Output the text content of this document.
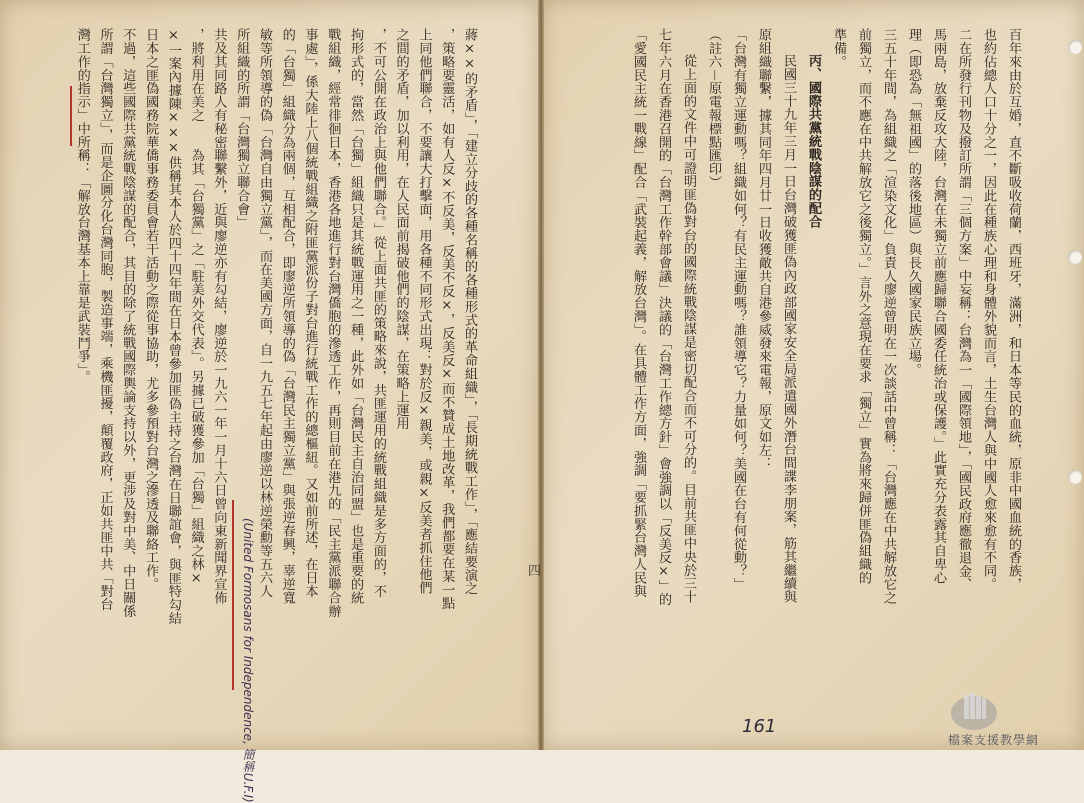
蔣××的矛盾」，「建立分歧的各種名稱的各種形式的革命組織」，「長期統戰工作」，「應結要演之
，策略要靈活，如有人反×不反美，反美不反×，反美反×而不贊成土地改革，我們都要在某一點
上同他們聯合，不要讓大打擊面，用各種不同形式出現：對於反×親美，或親×反美者抓住他們
之間的矛盾，加以利用，在人民面前揭破他們的陰謀，在策略上運用
，不可公開在政治上與他們聯合。」從上面共匪的策略來說，共匪運用的統戰組織是多方面的，不
拘形式的，當然「台獨」組織只是其統戰運用之一種，此外如「台灣民主自治同盟」也是重要的統
戰組織，經常徘徊日本，香港各地進行對台灣僑胞的滲透工作，再則目前在港九的「民主黨派聯合辦
事處」，係大陸上八個統戰組織之附匪黨派份子對台進行統戰工作的總樞紐。又如前所述，在日本
的「台獨」組織分為兩個，互相配合，即廖逆所領導的偽「台灣民主獨立黨」與張逆春興，辜逆寬
敏等所領導的偽「台灣自由獨立黨」，而在美國方面，自一九五七年起由廖逆以林逆榮勳等五六人
所組織的所謂「台灣獨立聯合會」
共及其同路人有秘密聯繫外，近與廖逆亦有勾結，廖逆於一九六一年一月十六日曾向東新聞界宣佈
，將利用在美之　　為其「台獨黨」之「駐美外交代表」。另據已破獲參加「台獨」組織之林×
×一案內據陳×××供稱其本人於四十四年間在日本曾參加匪偽主持之台灣在日聯誼會，與匪特勾結
日本之匪偽國務院華僑事務委員會若干活動之際從事協助，尤多參預對台灣之滲透及聯絡工作。
不過，這些國際共黨統戰陰謀的配合，其目的除了統戰國際輿論支持以外，更涉及對中美、中日關係
所謂「台灣獨立」，而是企圖分化台灣同胞，製造事端，乘機匪擾，顛覆政府，正如共匪中共「對台
灣工作的指示」中所稱：「解放台灣基本上靠是武裝鬥爭」。
(United Formosans for Independence, 簡稱U.F.I)	四	百年來由於互婚，直不斷吸收荷蘭，西班牙，滿洲，和日本等民的血統，原非中國血統的香族，
也約佔總人口十分之一，因此在種族心理和身體外貌而言，土生台灣人與中國人愈來愈有不同。
二在所發行刊物及撥訂所謂「三個方案」中妄稱：台灣為一「國際領地」，「國民政府應徹退金、
馬兩島，放棄反攻大陸，台灣在未獨立前應歸聯合國委任統治或保護。」此實充分表露其自卑心
理（即恐為「無祖國」的落後地區）與長久國家民族立場。
三五十年間，為組織之「渲染文化」負責人廖逆曾明在一次談話中曾稱：「台灣應在中共解放它之
前獨立，而不應在中共解放它之後獨立。」言外之意現在要求「獨立」實為將來歸併匪偽組織的
準備。
丙、國際共黨統戰陰謀的配合
民國三十九年三月一日台灣破獲匪偽內政部國家安全局派遣國外潛台間諜李朋案，筋其繼續與
原組織聯繫，據其同年四月廿一日收獲敵共自港參威發來電報，原文如左：
「台灣有獨立運動嗎？組織如何？有民主運動嗎？誰領導它？力量如何？美國在台有何從動？」
（註六－原電報標點匯印）
從上面的文件中可證明匪偽對台的國際統戰陰謀是密切配合而不可分的。目前共匪中央於三十
七年六月在香港召開的「台灣工作幹部會議」決議的「台灣工作總方針」會強調以「反美反×」的
「愛國民主統一戰線」配合「武裝起義，解放台灣」。在具體工作方面，強調「要抓緊台灣人民與
161
檔案支援教學網
